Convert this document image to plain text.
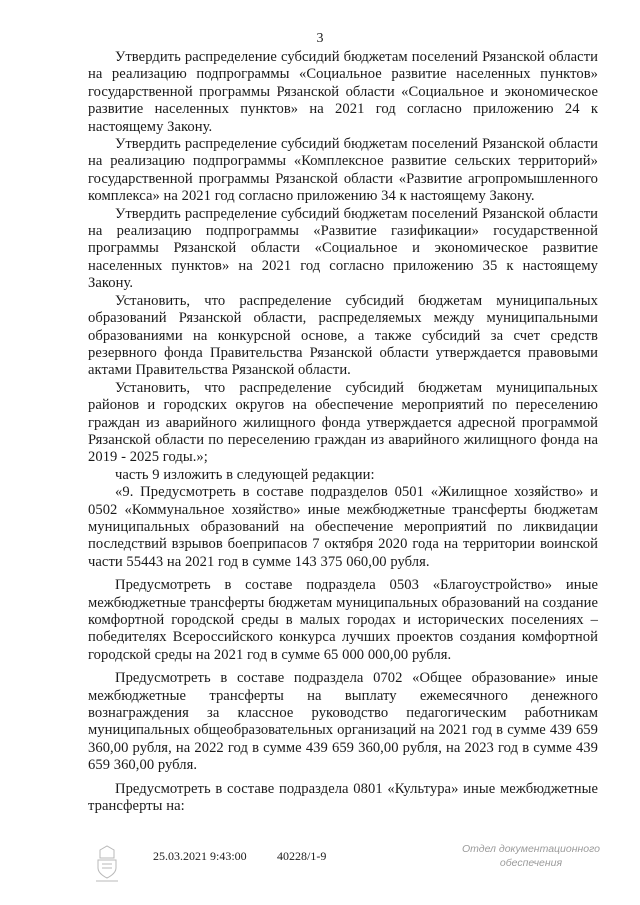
3

Утвердить распределение субсидий бюджетам поселений Рязанской области на реализацию подпрограммы «Социальное развитие населенных пунктов» государственной программы Рязанской области «Социальное и экономическое развитие населенных пунктов» на 2021 год согласно приложению 24 к настоящему Закону.

Утвердить распределение субсидий бюджетам поселений Рязанской области на реализацию подпрограммы «Комплексное развитие сельских территорий» государственной программы Рязанской области «Развитие агропромышленного комплекса» на 2021 год согласно приложению 34 к настоящему Закону.

Утвердить распределение субсидий бюджетам поселений Рязанской области на реализацию подпрограммы «Развитие газификации» государственной программы Рязанской области «Социальное и экономическое развитие населенных пунктов» на 2021 год согласно приложению 35 к настоящему Закону.

Установить, что распределение субсидий бюджетам муниципальных образований Рязанской области, распределяемых между муниципальными образованиями на конкурсной основе, а также субсидий за счет средств резервного фонда Правительства Рязанской области утверждается правовыми актами Правительства Рязанской области.

Установить, что распределение субсидий бюджетам муниципальных районов и городских округов на обеспечение мероприятий по переселению граждан из аварийного жилищного фонда утверждается адресной программой Рязанской области по переселению граждан из аварийного жилищного фонда на 2019 - 2025 годы.»;

часть 9 изложить в следующей редакции:

«9. Предусмотреть в составе подразделов 0501 «Жилищное хозяйство» и 0502 «Коммунальное хозяйство» иные межбюджетные трансферты бюджетам муниципальных образований на обеспечение мероприятий по ликвидации последствий взрывов боеприпасов 7 октября 2020 года на территории воинской части 55443 на 2021 год в сумме 143 375 060,00 рубля.

Предусмотреть в составе подраздела 0503 «Благоустройство» иные межбюджетные трансферты бюджетам муниципальных образований на создание комфортной городской среды в малых городах и исторических поселениях – победителях Всероссийского конкурса лучших проектов создания комфортной городской среды на 2021 год в сумме 65 000 000,00 рубля.

Предусмотреть в составе подраздела 0702 «Общее образование» иные межбюджетные трансферты на выплату ежемесячного денежного вознаграждения за классное руководство педагогическим работникам муниципальных общеобразовательных организаций на 2021 год в сумме 439 659 360,00 рубля, на 2022 год в сумме 439 659 360,00 рубля, на 2023 год в сумме 439 659 360,00 рубля.

Предусмотреть в составе подраздела 0801 «Культура» иные межбюджетные трансферты на:

25.03.2021 9:43:00	40228/1-9	Отдел документационного
обеспечения
